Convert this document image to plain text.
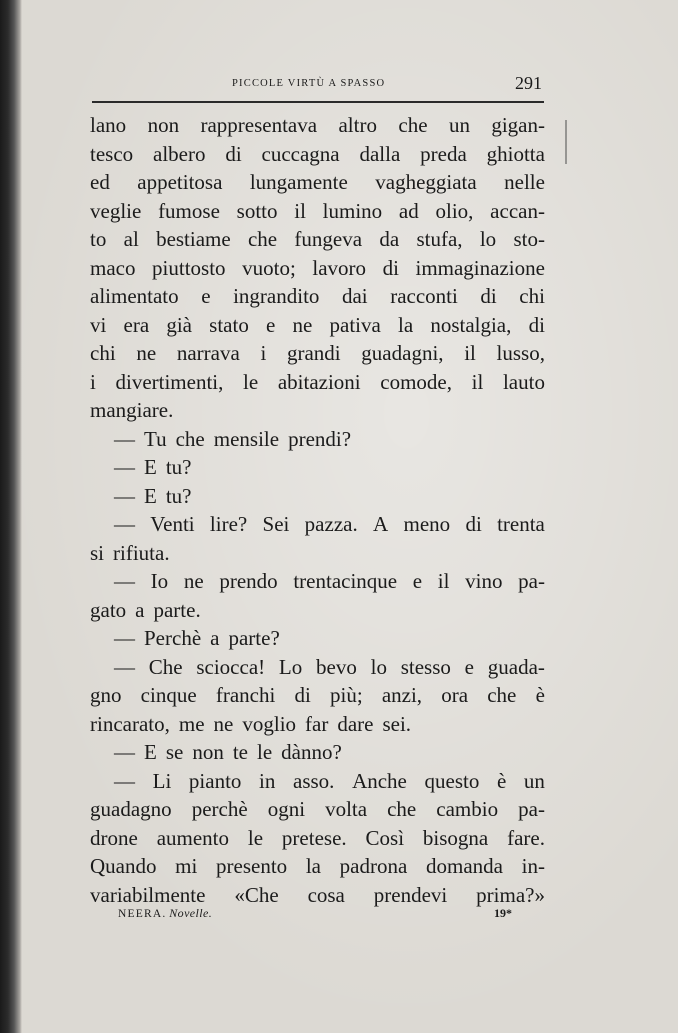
PICCOLE VIRTÙ A SPASSO	291
lano non rappresentava altro che un gigan-
tesco albero di cuccagna dalla preda ghiotta
ed appetitosa lungamente vagheggiata nelle
veglie fumose sotto il lumino ad olio, accan-
to al bestiame che fungeva da stufa, lo sto-
maco piuttosto vuoto; lavoro di immaginazione
alimentato e ingrandito dai racconti di chi
vi era già stato e ne pativa la nostalgia, di
chi ne narrava i grandi guadagni, il lusso,
i divertimenti, le abitazioni comode, il lauto
mangiare.
— Tu che mensile prendi?
— E tu?
— E tu?
— Venti lire? Sei pazza. A meno di trenta
si rifiuta.
— Io ne prendo trentacinque e il vino pa-
gato a parte.
— Perchè a parte?
— Che sciocca! Lo bevo lo stesso e guada-
gno cinque franchi di più; anzi, ora che è
rincarato, me ne voglio far dare sei.
— E se non te le dànno?
— Li pianto in asso. Anche questo è un
guadagno perchè ogni volta che cambio pa-
drone aumento le pretese. Così bisogna fare.
Quando mi presento la padrona domanda in-
variabilmente «Che cosa prendevi prima?»
NEERA. Novelle.	19*
